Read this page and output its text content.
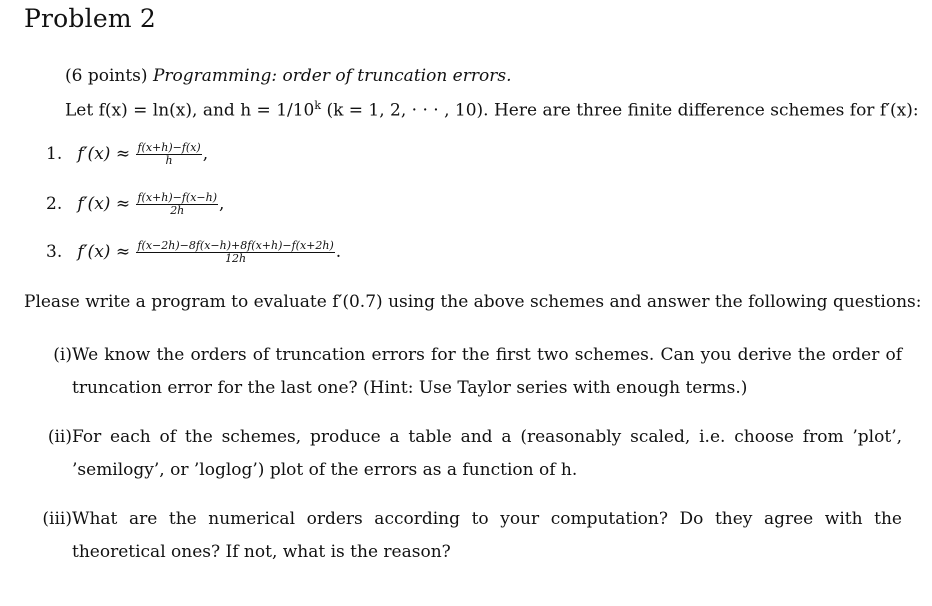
Problem 2
(6 points) Programming: order of truncation errors.
Let f(x) = ln(x), and $h = 1/10^k$ (k = 1, 2, · · · , 10). Here are three finite difference schemes for f′(x):
1. $f'(x) \approx \frac{f(x+h)-f(x)}{h}$ ,
2. $f'(x) \approx \frac{f(x+h)-f(x-h)}{2h}$ ,
3. $f'(x) \approx \frac{f(x-2h)-8f(x-h)+8f(x+h)-f(x+2h)}{12h}$ .
Please write a program to evaluate f′(0.7) using the above schemes and answer the following questions:
(i) We know the orders of truncation errors for the first two schemes. Can you derive the order of truncation error for the last one? (Hint: Use Taylor series with enough terms.)
(ii) For each of the schemes, produce a table and a (reasonably scaled, i.e. choose from ’plot’, ’semilogy’, or ’loglog’) plot of the errors as a function of h.
(iii) What are the numerical orders according to your computation? Do they agree with the theoretical ones? If not, what is the reason?
